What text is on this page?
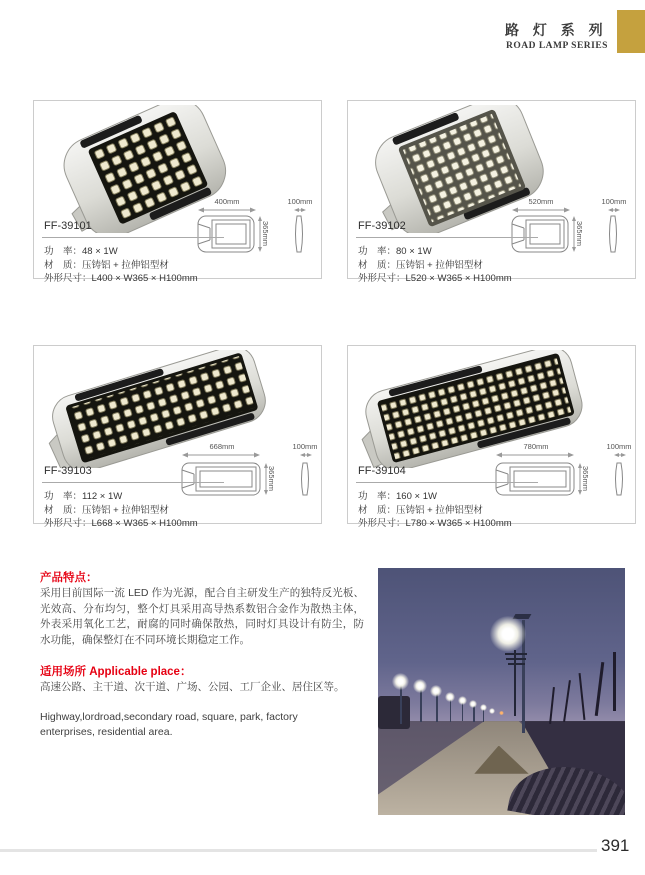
路 灯 系 列
ROAD LAMP SERIES
400mm	100mm
365mm
FF-39101
功　率：48 × 1W
材　质：压铸铝 + 拉伸铝型材
外形尺寸：L400 × W365 × H100mm
520mm	100mm
365mm
FF-39102
功　率：80 × 1W
材　质：压铸铝 + 拉伸铝型材
外形尺寸：L520 × W365 × H100mm
668mm	100mm
365mm
FF-39103
功　率：112 × 1W
材　质：压铸铝 + 拉伸铝型材
外形尺寸：L668 × W365 × H100mm
780mm	100mm
365mm
FF-39104
功　率：160 × 1W
材　质：压铸铝 + 拉伸铝型材
外形尺寸：L780 × W365 × H100mm
产品特点：
采用目前国际一流 LED 作为光源，配合自主研发生产的独特反光板、光效高、分布均匀，整个灯具采用高导热系数铝合金作为散热主体，外表采用氧化工艺，耐腐的同时确保散热，同时灯具设计有防尘，防水功能，确保整灯在不同环境长期稳定工作。
适用场所 Applicable place：
高速公路、主干道、次干道、广场、公园、工厂企业、居住区等。
Highway,lordroad,secondary road, square, park, factory enterprises, residential area.
391
